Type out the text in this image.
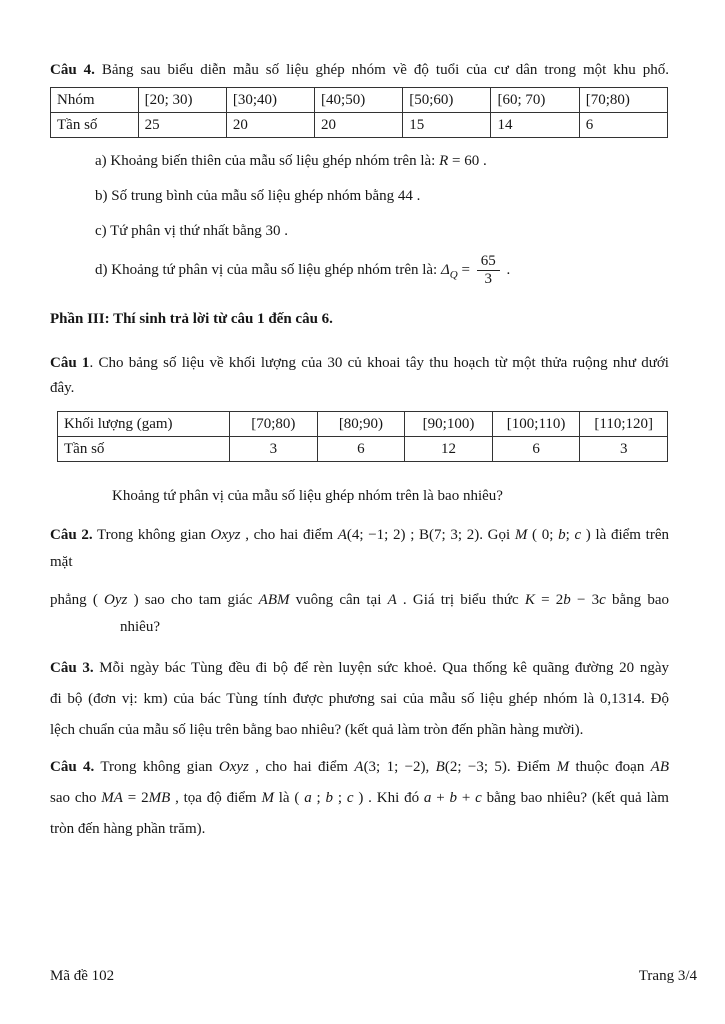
Câu 4. Bảng sau biểu diễn mẫu số liệu ghép nhóm về độ tuổi của cư dân trong một khu phố.
Nhóm	[20; 30)	[30;40)	[40;50)	[50;60)	[60; 70)	[70;80)
Tần số	25	20	20	15	14	6
a) Khoảng biến thiên của mẫu số liệu ghép nhóm trên là: R = 60 .
b) Số trung bình của mẫu số liệu ghép nhóm bằng 44 .
c) Tứ phân vị thứ nhất bằng 30 .
d) Khoảng tứ phân vị của mẫu số liệu ghép nhóm trên là: $\Delta_Q = \frac{65}{3}$ .
Phần III: Thí sinh trả lời từ câu 1 đến câu 6.
Câu 1. Cho bảng số liệu về khối lượng của 30 củ khoai tây thu hoạch từ một thửa ruộng như dưới
đây.
Khối lượng (gam)	[70;80)	[80;90)	[90;100)	[100;110)	[110;120]
Tần số	3	6	12	6	3
Khoảng tứ phân vị của mẫu số liệu ghép nhóm trên là bao nhiêu?
Câu 2. Trong không gian Oxyz , cho hai điểm A(4; −1; 2) ; B(7; 3; 2). Gọi M ( 0; b; c ) là điểm trên
mặt
phẳng ( Oyz ) sao cho tam giác ABM vuông cân tại A . Giá trị biểu thức K = 2b − 3c bằng bao
nhiêu?
Câu 3. Mỗi ngày bác Tùng đều đi bộ để rèn luyện sức khoẻ. Qua thống kê quãng đường 20 ngày
đi bộ (đơn vị: km) của bác Tùng tính được phương sai của mẫu số liệu ghép nhóm là 0,1314. Độ
lệch chuẩn của mẫu số liệu trên bằng bao nhiêu? (kết quả làm tròn đến phần hàng mười).
Câu 4. Trong không gian Oxyz , cho hai điểm A(3; 1; −2), B(2; −3; 5). Điểm M thuộc đoạn AB
sao cho MA = 2MB , tọa độ điểm M là ( a ; b ; c ) . Khi đó a + b + c bằng bao nhiêu? (kết quả làm
tròn đến hàng phần trăm).
Mã đề 102	Trang 3/4
